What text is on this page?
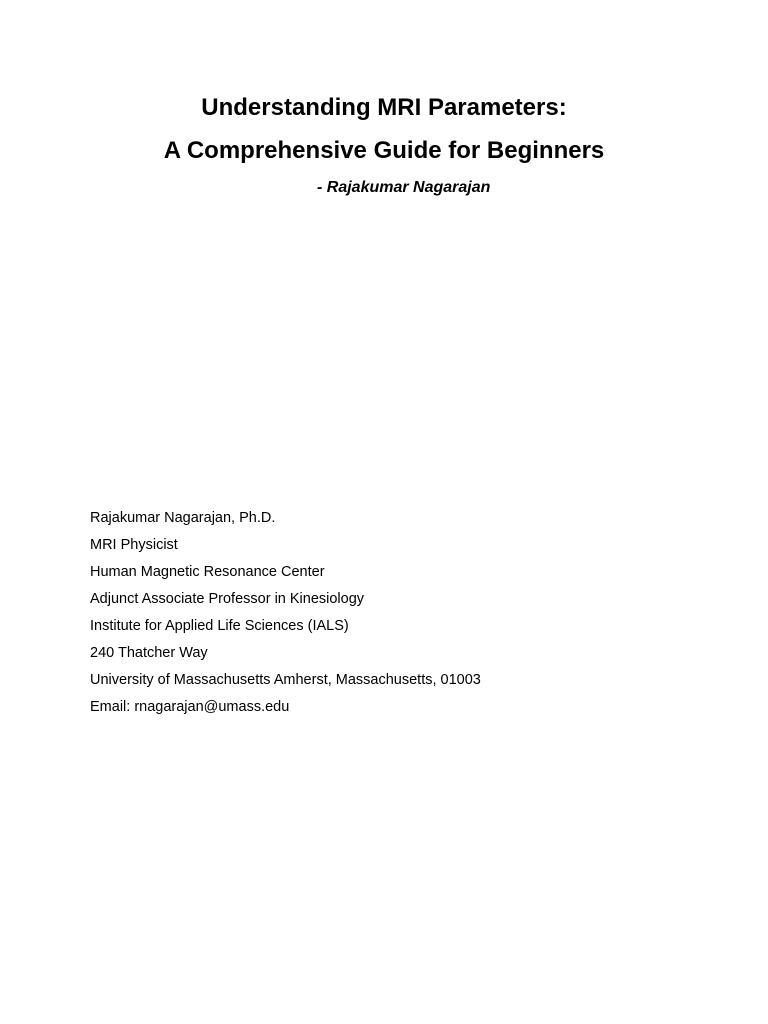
Understanding MRI Parameters:
A Comprehensive Guide for Beginners
- Rajakumar Nagarajan
Rajakumar Nagarajan, Ph.D.
MRI Physicist
Human Magnetic Resonance Center
Adjunct Associate Professor in Kinesiology
Institute for Applied Life Sciences (IALS)
240 Thatcher Way
University of Massachusetts Amherst, Massachusetts, 01003
Email: rnagarajan@umass.edu
